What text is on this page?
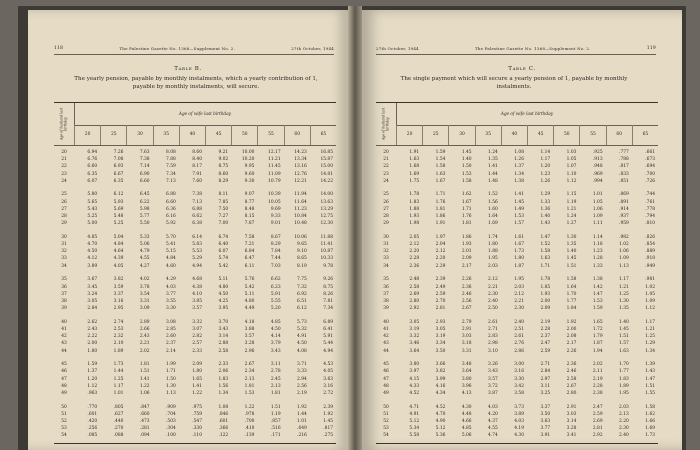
118	The Palestine Gazette No. 1368—Supplement No. 2.	27th October, 1944
Table B.
The yearly pension, payable by monthly instalments, which a yearly contribution of 1, payable by monthly instalments, will secure.
Age of husband last birthday
Age of wife last birthday
20	25	30	35	40	45	50	55	60	65
20	6.94	7.26	7.63	8.08	8.60	9.21	10.00	12.17	14.23	16.85
21	6.76	7.08	7.38	7.88	8.40	9.02	10.20	11.21	13.34	15.87
22	6.60	6.93	7.14	7.59	8.17	8.75	9.95	11.45	13.16	15.00
23	6.35	6.67	6.90	7.34	7.91	8.60	9.60	11.09	12.76	14.81
24	6.07	6.35	6.60	7.13	7.60	8.29	9.30	10.79	12.21	14.22
25	5.80	6.12	6.45	6.88	7.38	8.11	9.07	10.39	11.94	14.00
26	5.65	5.93	6.22	6.60	7.13	7.85	8.77	10.05	11.64	13.63
27	5.43	5.69	5.98	6.36	6.88	7.50	8.48	9.69	11.23	13.29
28	5.25	5.48	5.77	6.16	6.62	7.27	8.15	9.33	10.84	12.75
29	5.00	5.25	5.50	5.92	6.38	7.00	7.87	9.01	10.48	12.30
30	4.85	5.04	5.33	5.70	6.14	6.74	7.58	8.67	10.06	11.88
31	4.70	4.84	5.06	5.41	5.83	6.40	7.21	8.29	9.65	11.41
32	4.50	4.64	4.79	5.15	5.53	6.07	6.84	7.84	9.10	10.87
33	4.12	4.39	4.55	4.84	5.29	5.74	6.47	7.44	8.65	10.33
34	3.89	4.05	4.27	4.60	4.94	5.42	6.11	7.03	8.19	9.78
35	3.67	3.82	4.02	4.29	4.68	5.11	5.76	6.62	7.75	9.26
36	3.45	3.59	3.78	4.03	4.38	4.80	5.42	6.23	7.32	8.75
37	3.24	3.37	3.54	3.77	4.10	4.50	5.11	5.91	6.92	8.26
38	3.05	3.16	3.31	3.55	3.85	4.25	4.80	5.55	6.51	7.81
39	2.84	2.95	3.09	3.30	3.57	3.95	4.49	5.20	6.12	7.34
40	2.62	2.74	2.89	3.08	3.32	3.70	4.18	4.85	5.73	6.89
41	2.43	2.53	2.66	2.85	3.07	3.43	3.88	4.50	5.32	6.41
42	2.22	2.32	2.43	2.60	2.82	3.14	3.57	4.14	4.91	5.91
43	2.00	2.10	2.21	2.37	2.57	2.88	3.28	3.79	4.50	5.44
44	1.80	1.89	2.02	2.14	2.33	2.58	2.96	3.43	4.08	4.94
45	1.59	1.73	1.81	1.99	2.09	2.33	2.67	3.11	3.71	4.53
46	1.37	1.44	1.51	1.71	1.80	2.06	2.34	2.78	3.33	4.05
47	1.20	1.25	1.41	1.50	1.65	1.83	2.13	2.45	2.94	3.63
48	1.12	1.17	1.22	1.30	1.41	1.56	1.81	2.13	2.56	3.16
49	.963	1.01	1.06	1.13	1.22	1.34	1.53	1.81	2.19	2.72
50	.770	.805	.847	.909	.975	1.08	1.22	1.51	1.92	2.39
51	.601	.627	.660	.704	.759	.846	.978	1.19	1.44	1.92
52	.420	.440	.473	.503	.547	.601	.700	.857	1.01	1.45
53	.256	.270	.281	.304	.330	.366	.410	.516	.649	.817
54	.085	.088	.094	.100	.110	.122	.139	.171	.216	.275
27th October, 1944	The Palestine Gazette No. 1368—Supplement No. 2.	119
Table C.
The single payment which will secure a yearly pension of 1, payable by monthly instalments.
Age of husband last birthday
Age of wife last birthday
20	25	30	35	40	45	50	55	60	65
20	1.91	1.59	1.45	1.24	1.08	1.14	1.03	.925	.777	.661
21	1.63	1.54	1.40	1.35	1.26	1.17	1.05	.913	.788	.673
22	1.68	1.58	1.50	1.41	1.37	1.20	1.07	.948	.817	.694
23	1.69	1.63	1.53	1.44	1.34	1.23	1.10	.969	.833	.700
24	1.75	1.67	1.58	1.48	1.38	1.26	1.12	.994	.851	.726
25	1.78	1.71	1.62	1.52	1.41	1.29	1.15	1.01	.869	.744
26	1.83	1.76	1.67	1.56	1.45	1.33	1.19	1.05	.891	.761
27	1.88	1.81	1.71	1.60	1.49	1.36	1.21	1.06	.914	.778
28	1.93	1.86	1.76	1.64	1.53	1.40	1.24	1.09	.937	.794
29	1.98	1.91	1.81	1.69	1.57	1.43	1.27	1.11	.959	.810
30	2.05	1.97	1.86	1.74	1.61	1.47	1.30	1.14	.982	.826
31	2.12	2.04	1.93	1.80	1.67	1.52	1.35	1.18	1.02	.854
32	2.20	2.12	2.01	1.88	1.73	1.58	1.40	1.23	1.06	.889
33	2.28	2.20	2.09	1.95	1.80	1.63	1.45	1.28	1.09	.918
34	2.36	2.29	2.17	2.03	1.87	1.71	1.51	1.33	1.13	.949
35	2.48	2.39	2.26	2.12	1.95	1.78	1.58	1.38	1.17	.981
36	2.58	2.49	2.36	2.21	2.03	1.85	1.64	1.42	1.21	1.02
37	2.69	2.59	2.46	2.30	2.12	1.93	1.70	1.47	1.25	1.05
38	2.80	2.70	2.56	2.40	2.21	2.00	1.77	1.53	1.30	1.09
39	2.92	2.81	2.67	2.50	2.30	2.09	1.84	1.59	1.35	1.12
40	3.05	2.93	2.79	2.61	2.40	2.19	1.92	1.65	1.40	1.17
41	3.19	3.05	2.91	2.71	2.51	2.28	2.00	1.72	1.45	1.21
42	3.32	3.19	3.03	2.83	2.61	2.37	2.08	1.79	1.51	1.25
43	3.46	3.34	3.18	2.98	2.76	2.47	2.17	1.87	1.57	1.29
44	3.64	3.50	3.31	3.10	2.86	2.59	2.26	1.94	1.63	1.34
45	3.80	3.66	3.48	3.26	3.00	2.71	2.36	2.02	1.70	1.39
46	3.97	3.82	3.64	3.43	3.16	2.84	2.46	2.11	1.77	1.43
47	4.15	3.99	3.80	3.57	3.30	2.97	2.58	2.19	1.83	1.47
48	4.33	4.16	3.96	3.72	3.42	3.11	2.67	2.28	1.89	1.51
49	4.52	4.34	4.13	3.87	3.58	3.25	2.80	2.38	1.95	1.55
50	4.71	4.52	4.30	4.03	3.73	3.37	2.91	2.47	2.03	1.58
51	4.91	4.70	4.48	4.20	3.89	3.50	3.03	2.59	2.13	1.62
52	5.12	4.90	4.66	4.37	4.03	3.63	3.14	2.69	2.20	1.66
53	5.34	5.12	4.85	4.55	4.19	3.77	3.28	2.81	2.30	1.69
54	5.58	5.36	5.06	4.74	4.30	3.91	3.41	2.92	2.40	1.73
